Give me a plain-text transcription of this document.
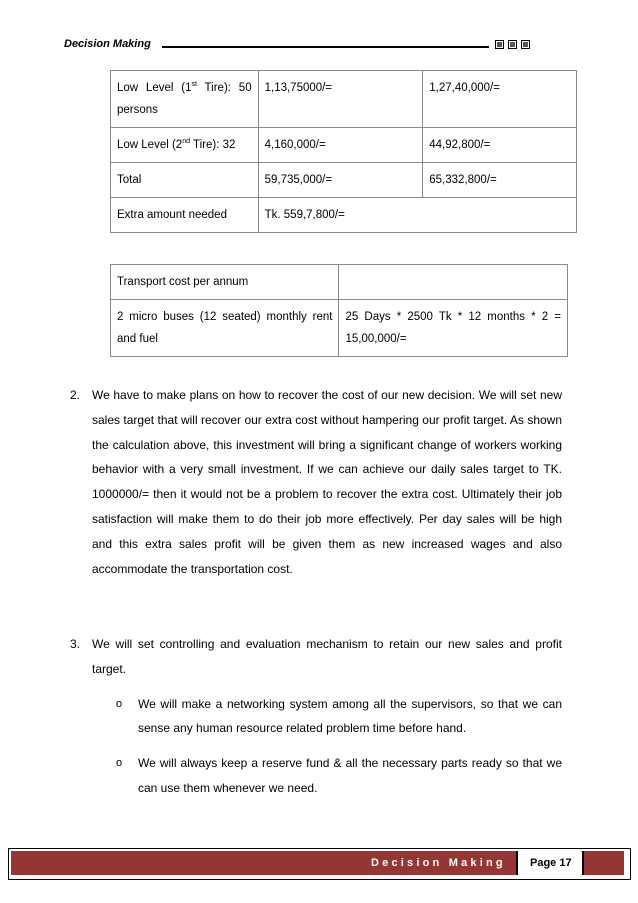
Decision Making
Low Level (1st Tire): 50 persons	1,13,75000/=	1,27,40,000/=
Low Level (2nd Tire): 32	4,160,000/=	44,92,800/=
Total	59,735,000/=	65,332,800/=
Extra amount needed	Tk. 559,7,800/=	
Transport cost per annum	
2 micro buses (12 seated) monthly rent and fuel	25 Days * 2500 Tk * 12 months * 2 = 15,00,000/=
2. We have to make plans on how to recover the cost of our new decision. We will set new sales target that will recover our extra cost without hampering our profit target. As shown the calculation above, this investment will bring a significant change of workers working behavior with a very small investment. If we can achieve our daily sales target to TK. 1000000/= then it would not be a problem to recover the extra cost. Ultimately their job satisfaction will make them to do their job more effectively. Per day sales will be high and this extra sales profit will be given them as new increased wages and also accommodate the transportation cost.
3. We will set controlling and evaluation mechanism to retain our new sales and profit target.
o We will make a networking system among all the supervisors, so that we can sense any human resource related problem time before hand.
o We will always keep a reserve fund & all the necessary parts ready so that we can use them whenever we need.
Decision Making Page 17
